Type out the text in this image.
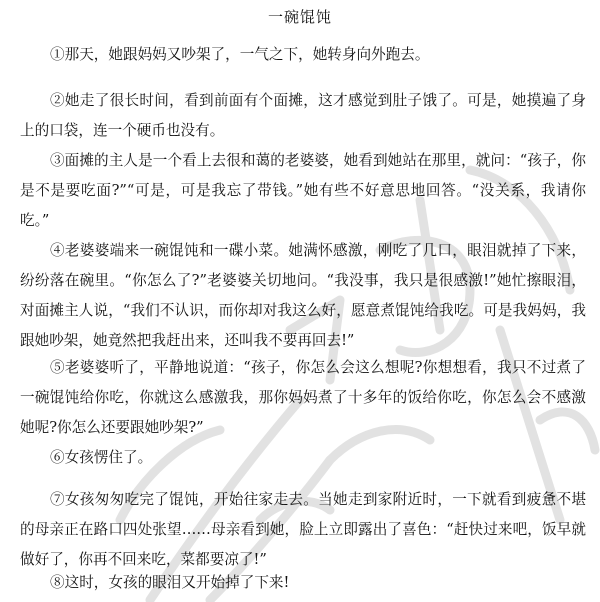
一碗馄饨

①那天，她跟妈妈又吵架了，一气之下，她转身向外跑去。

②她走了很长时间，看到前面有个面摊，这才感觉到肚子饿了。可是，她摸遍了身上的口袋，连一个硬币也没有。

③面摊的主人是一个看上去很和蔼的老婆婆，她看到她站在那里，就问：“孩子，你是不是要吃面?”“可是，可是我忘了带钱。”她有些不好意思地回答。“没关系，我请你吃。”

④老婆婆端来一碗馄饨和一碟小菜。她满怀感激，刚吃了几口，眼泪就掉了下来，纷纷落在碗里。“你怎么了?”老婆婆关切地问。“我没事，我只是很感激!”她忙擦眼泪，对面摊主人说，“我们不认识，而你却对我这么好，愿意煮馄饨给我吃。可是我妈妈，我跟她吵架，她竟然把我赶出来，还叫我不要再回去!”

⑤老婆婆听了，平静地说道：“孩子，你怎么会这么想呢?你想想看，我只不过煮了一碗馄饨给你吃，你就这么感激我，那你妈妈煮了十多年的饭给你吃，你怎么会不感激她呢?你怎么还要跟她吵架?”

⑥女孩愣住了。

⑦女孩匆匆吃完了馄饨，开始往家走去。当她走到家附近时，一下就看到疲惫不堪的母亲正在路口四处张望……母亲看到她，脸上立即露出了喜色：“赶快过来吧，饭早就做好了，你再不回来吃，菜都要凉了!”

⑧这时，女孩的眼泪又开始掉了下来!
